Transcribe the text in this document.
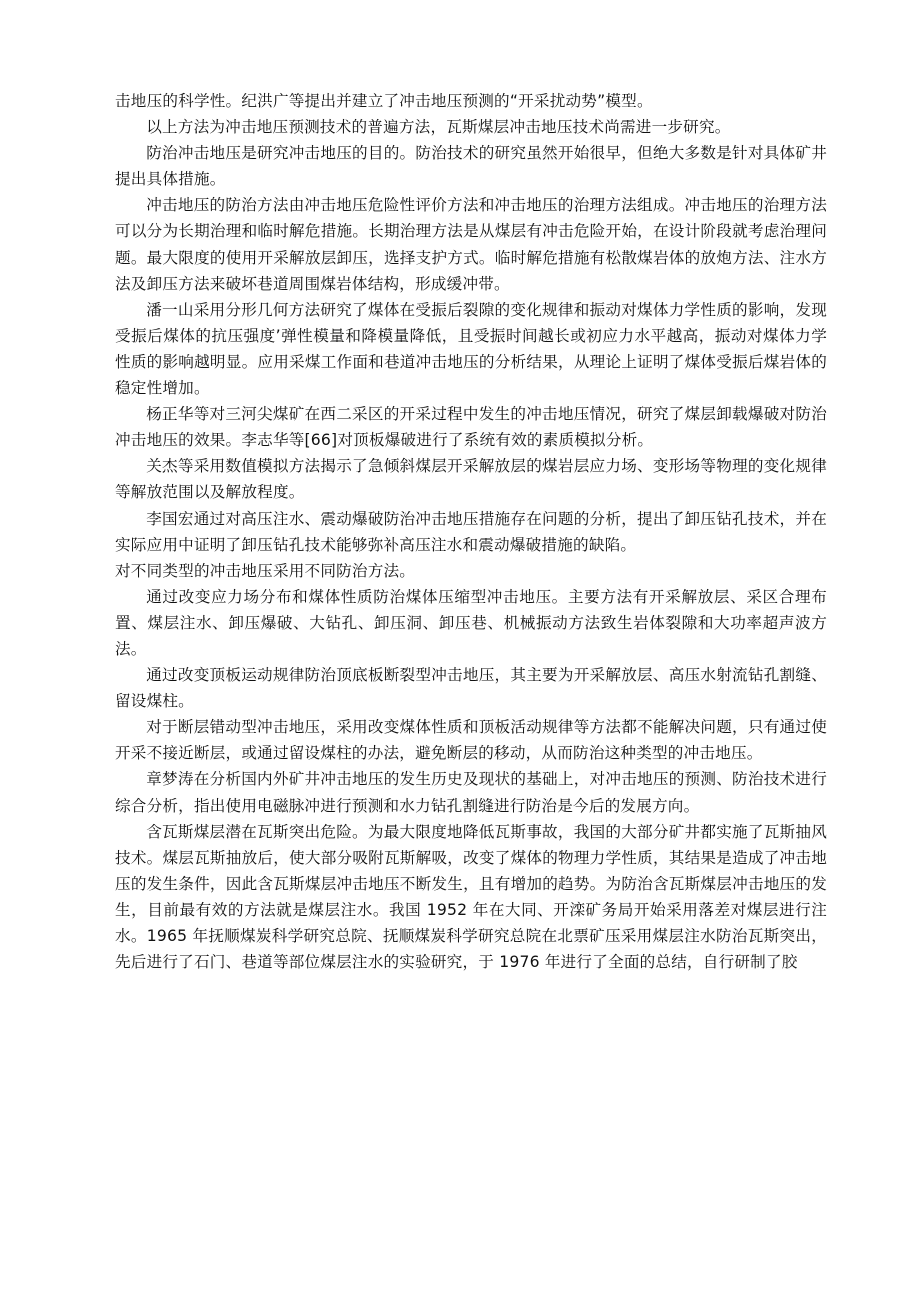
击地压的科学性。纪洪广等提出并建立了冲击地压预测的“开采扰动势”模型。

以上方法为冲击地压预测技术的普遍方法，瓦斯煤层冲击地压技术尚需进一步研究。

防治冲击地压是研究冲击地压的目的。防治技术的研究虽然开始很早，但绝大多数是针对具体矿井提出具体措施。

冲击地压的防治方法由冲击地压危险性评价方法和冲击地压的治理方法组成。冲击地压的治理方法可以分为长期治理和临时解危措施。长期治理方法是从煤层有冲击危险开始，在设计阶段就考虑治理问题。最大限度的使用开采解放层卸压，选择支护方式。临时解危措施有松散煤岩体的放炮方法、注水方法及卸压方法来破坏巷道周围煤岩体结构，形成缓冲带。

潘一山采用分形几何方法研究了煤体在受振后裂隙的变化规律和振动对煤体力学性质的影响，发现受振后煤体的抗压强度’弹性模量和降模量降低，且受振时间越长或初应力水平越高，振动对煤体力学性质的影响越明显。应用采煤工作面和巷道冲击地压的分析结果，从理论上证明了煤体受振后煤岩体的稳定性增加。

杨正华等对三河尖煤矿在西二采区的开采过程中发生的冲击地压情况，研究了煤层卸载爆破对防治冲击地压的效果。李志华等[66]对顶板爆破进行了系统有效的素质模拟分析。

关杰等采用数值模拟方法揭示了急倾斜煤层开采解放层的煤岩层应力场、变形场等物理的变化规律等解放范围以及解放程度。

李国宏通过对高压注水、震动爆破防治冲击地压措施存在问题的分析，提出了卸压钻孔技术，并在实际应用中证明了卸压钻孔技术能够弥补高压注水和震动爆破措施的缺陷。

对不同类型的冲击地压采用不同防治方法。

通过改变应力场分布和煤体性质防治煤体压缩型冲击地压。主要方法有开采解放层、采区合理布置、煤层注水、卸压爆破、大钻孔、卸压洞、卸压巷、机械振动方法致生岩体裂隙和大功率超声波方法。

通过改变顶板运动规律防治顶底板断裂型冲击地压，其主要为开采解放层、高压水射流钻孔割缝、留设煤柱。

对于断层错动型冲击地压，采用改变煤体性质和顶板活动规律等方法都不能解决问题，只有通过使开采不接近断层，或通过留设煤柱的办法，避免断层的移动，从而防治这种类型的冲击地压。

章梦涛在分析国内外矿井冲击地压的发生历史及现状的基础上，对冲击地压的预测、防治技术进行综合分析，指出使用电磁脉冲进行预测和水力钻孔割缝进行防治是今后的发展方向。

含瓦斯煤层潜在瓦斯突出危险。为最大限度地降低瓦斯事故，我国的大部分矿井都实施了瓦斯抽风技术。煤层瓦斯抽放后，使大部分吸附瓦斯解吸，改变了煤体的物理力学性质，其结果是造成了冲击地压的发生条件，因此含瓦斯煤层冲击地压不断发生，且有增加的趋势。为防治含瓦斯煤层冲击地压的发生，目前最有效的方法就是煤层注水。我国 1952 年在大同、开滦矿务局开始采用落差对煤层进行注水。1965 年抚顺煤炭科学研究总院、抚顺煤炭科学研究总院在北票矿压采用煤层注水防治瓦斯突出，先后进行了石门、巷道等部位煤层注水的实验研究，于 1976 年进行了全面的总结，自行研制了胶
